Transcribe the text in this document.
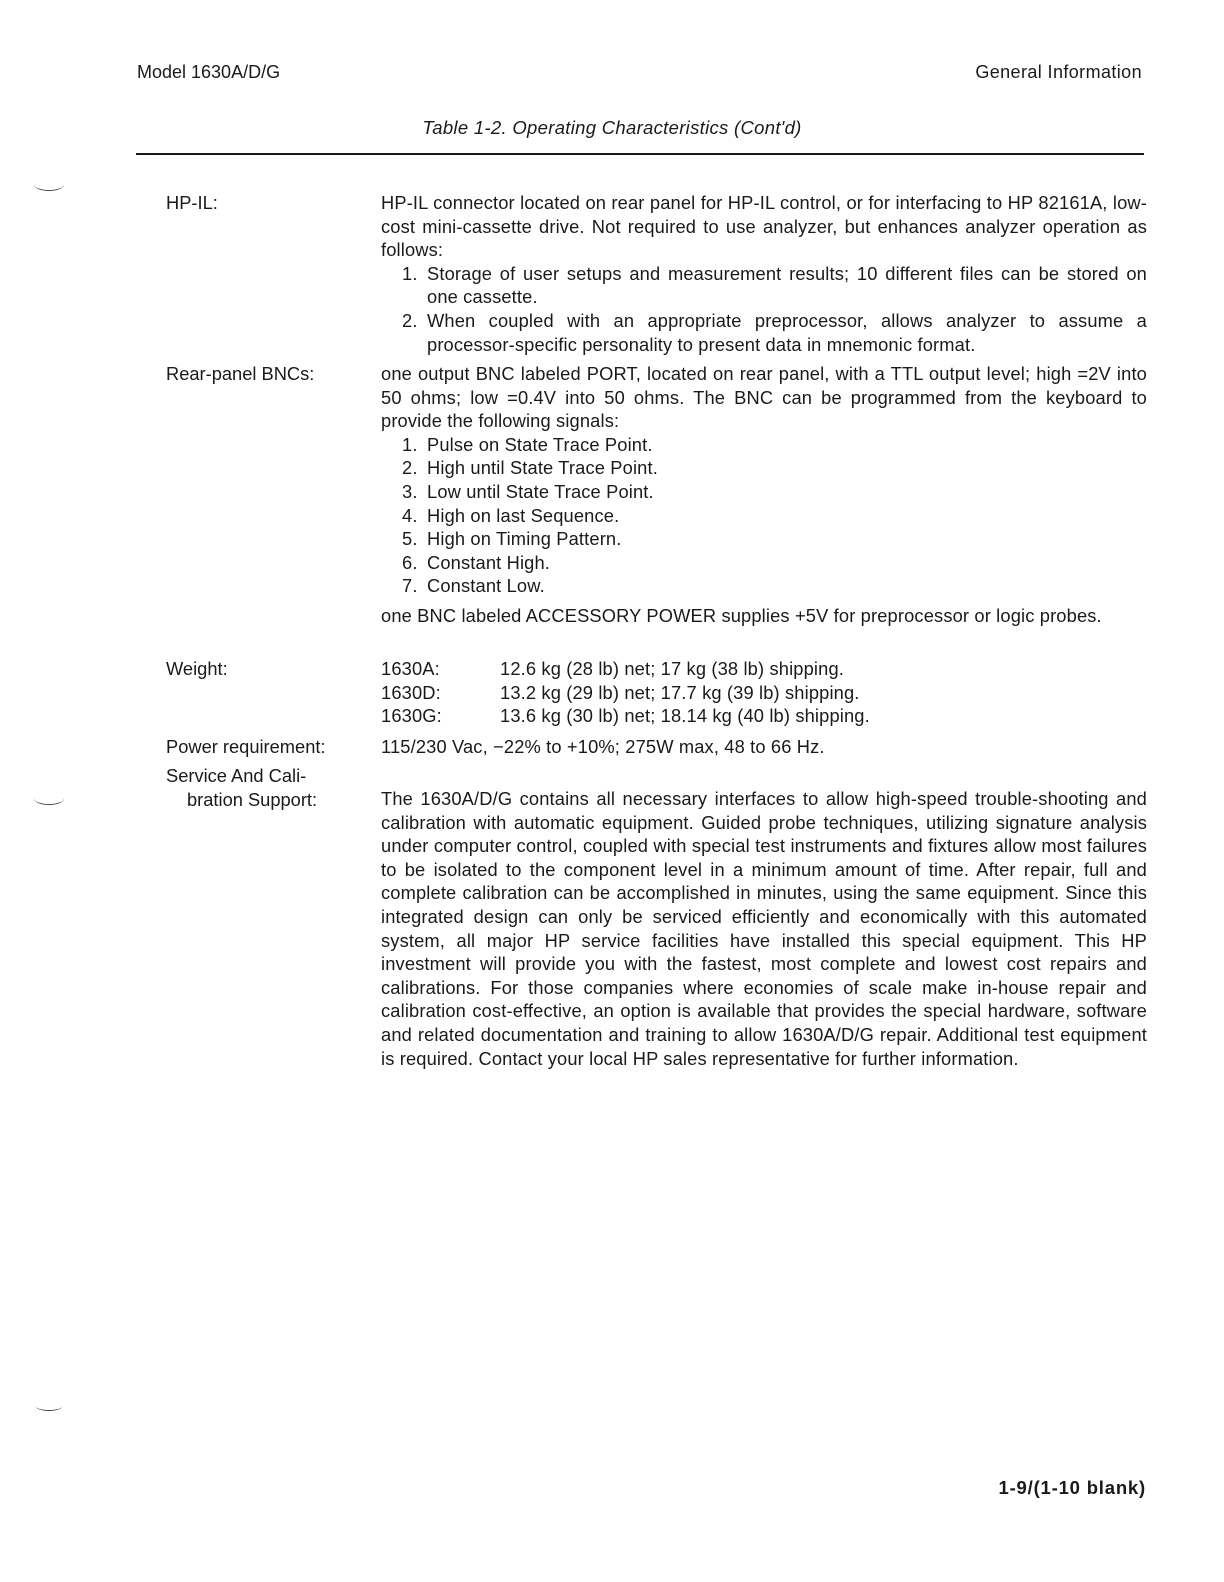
Model 1630A/D/G	General Information
Table 1-2. Operating Characteristics (Cont'd)
HP-IL:	HP-IL connector located on rear panel for HP-IL control, or for interfacing to HP 82161A, low-cost mini-cassette drive. Not required to use analyzer, but enhances analyzer operation as follows:

1. Storage of user setups and measurement results; 10 different files can be stored on one cassette.
2. When coupled with an appropriate preprocessor, allows analyzer to assume a processor-specific personality to present data in mnemonic format.
Rear-panel BNCs:	one output BNC labeled PORT, located on rear panel, with a TTL output level; high =2V into 50 ohms; low =0.4V into 50 ohms. The BNC can be programmed from the keyboard to provide the following signals:

1. Pulse on State Trace Point.
2. High until State Trace Point.
3. Low until State Trace Point.
4. High on last Sequence.
5. High on Timing Pattern.
6. Constant High.
7. Constant Low.

one BNC labeled ACCESSORY POWER supplies +5V for preprocessor or logic probes.

Weight:	1630A:	12.6 kg (28 lb) net; 17 kg (38 lb) shipping.
1630D:	13.2 kg (29 lb) net; 17.7 kg (39 lb) shipping.
1630G:	13.6 kg (30 lb) net; 18.14 kg (40 lb) shipping.
Power requirement:	115/230 Vac, −22% to +10%; 275W max, 48 to 66 Hz.
Service And Cali-
bration Support:	The 1630A/D/G contains all necessary interfaces to allow high-speed trouble-shooting and calibration with automatic equipment. Guided probe techniques, utilizing signature analysis under computer control, coupled with special test instruments and fixtures allow most failures to be isolated to the component level in a minimum amount of time. After repair, full and complete calibration can be accomplished in minutes, using the same equipment. Since this integrated design can only be serviced efficiently and economically with this automated system, all major HP service facilities have installed this special equipment. This HP investment will provide you with the fastest, most complete and lowest cost repairs and calibrations. For those companies where economies of scale make in-house repair and calibration cost-effective, an option is available that provides the special hardware, software and related documentation and training to allow 1630A/D/G repair. Additional test equipment is required. Contact your local HP sales representative for further information.
1-9/(1-10 blank)
